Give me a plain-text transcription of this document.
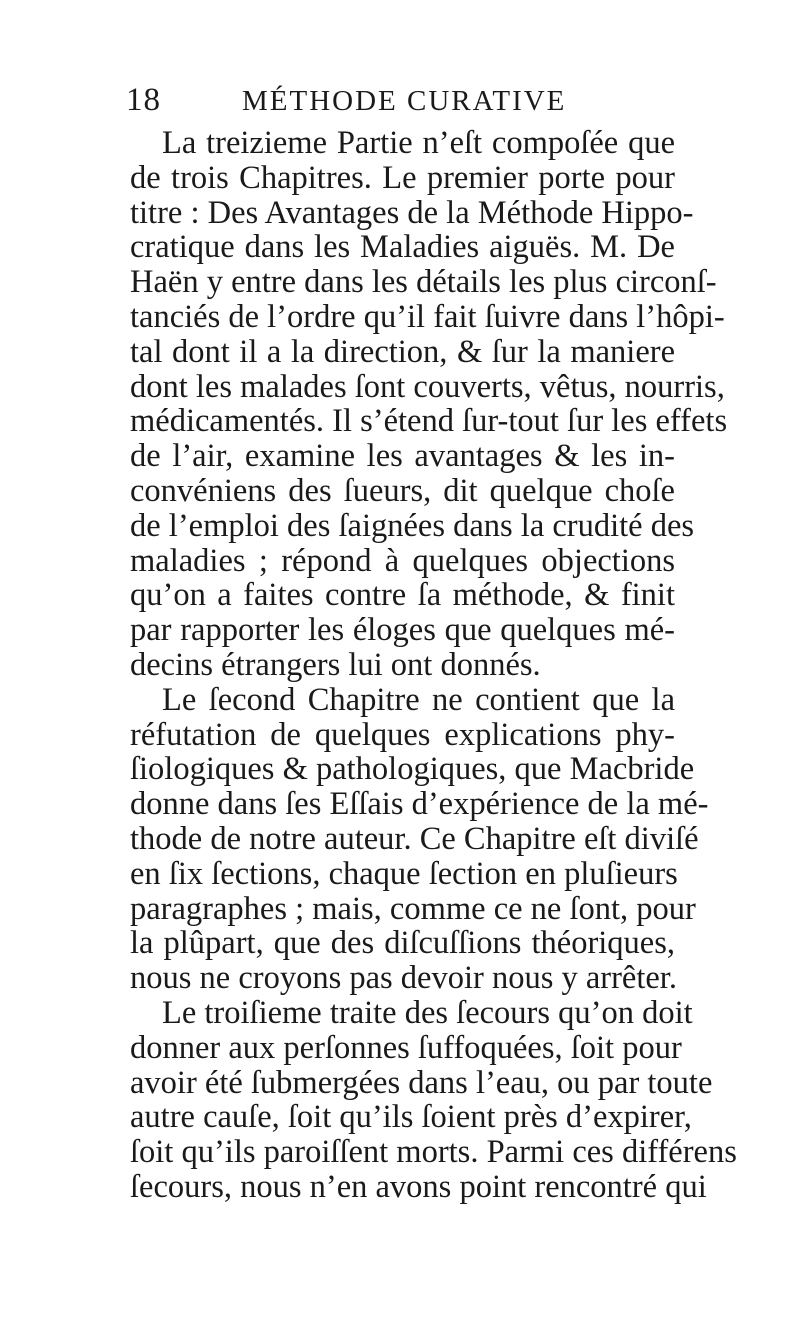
18	MÉTHODE CURATIVE
La treizieme Partie n’eſt compoſée que
de trois Chapitres. Le premier porte pour
titre : Des Avantages de la Méthode Hippo-
cratique dans les Maladies aiguës. M. De
Haën y entre dans les détails les plus circonſ-
tanciés de l’ordre qu’il fait ſuivre dans l’hôpi-
tal dont il a la direction, & ſur la maniere
dont les malades ſont couverts, vêtus, nourris,
médicamentés. Il s’étend ſur-tout ſur les effets
de l’air, examine les avantages & les in-
convéniens des ſueurs, dit quelque choſe
de l’emploi des ſaignées dans la crudité des
maladies ; répond à quelques objections
qu’on a faites contre ſa méthode, & finit
par rapporter les éloges que quelques mé-
decins étrangers lui ont donnés.
Le ſecond Chapitre ne contient que la
réfutation de quelques explications phy-
ſiologiques & pathologiques, que Macbride
donne dans ſes Eſſais d’expérience de la mé-
thode de notre auteur. Ce Chapitre eſt diviſé
en ſix ſections, chaque ſection en pluſieurs
paragraphes ; mais, comme ce ne ſont, pour
la plûpart, que des diſcuſſions théoriques,
nous ne croyons pas devoir nous y arrêter.
Le troiſieme traite des ſecours qu’on doit
donner aux perſonnes ſuffoquées, ſoit pour
avoir été ſubmergées dans l’eau, ou par toute
autre cauſe, ſoit qu’ils ſoient près d’expirer,
ſoit qu’ils paroiſſent morts. Parmi ces différens
ſecours, nous n’en avons point rencontré qui
